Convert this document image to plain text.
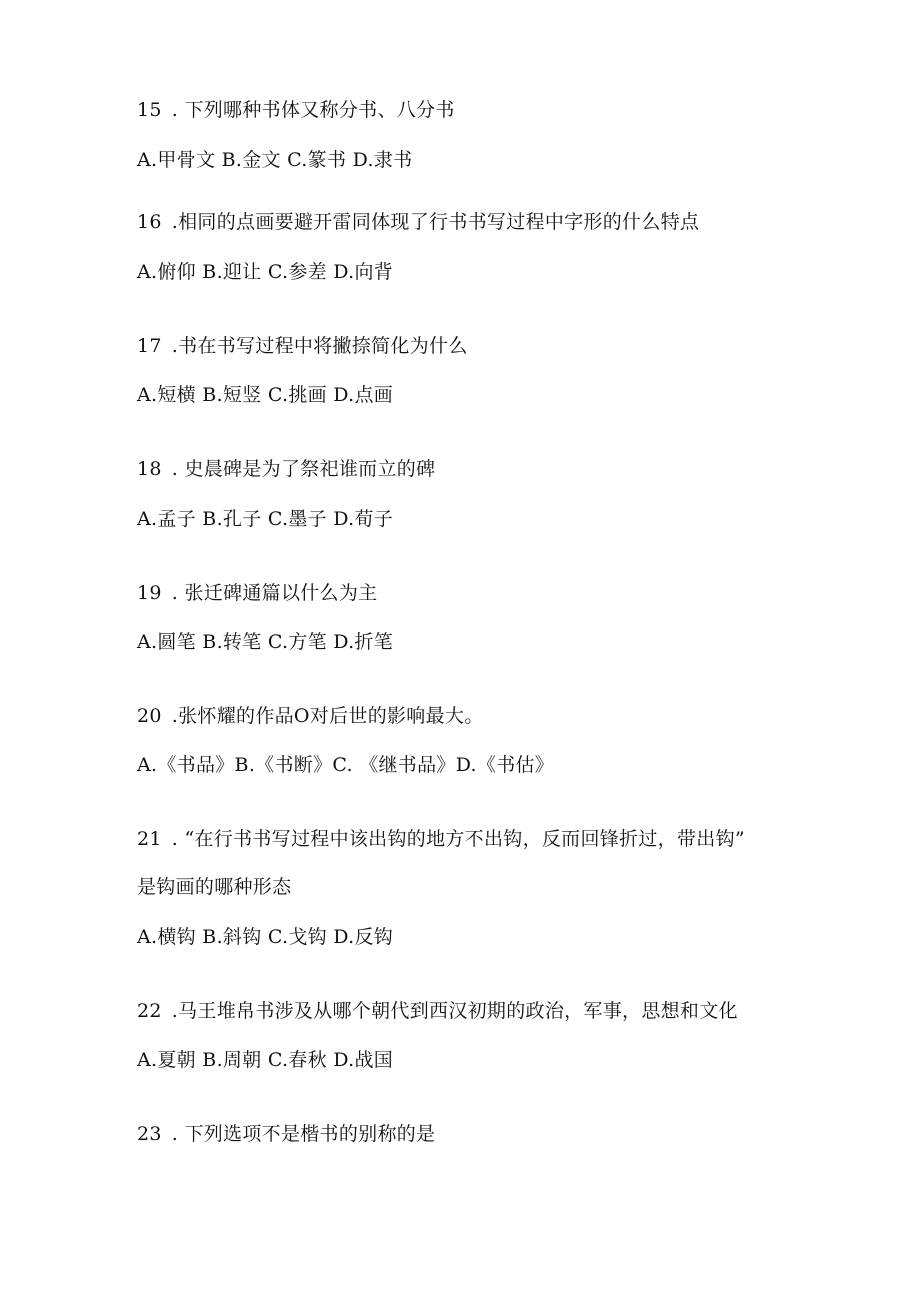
15 . 下列哪种书体又称分书、八分书
A.甲骨文 B.金文 C.篆书 D.隶书
16 .相同的点画要避开雷同体现了行书书写过程中字形的什么特点
A.俯仰 B.迎让 C.参差 D.向背
17 .书在书写过程中将撇捺简化为什么
A.短横 B.短竖 C.挑画 D.点画
18 . 史晨碑是为了祭祀谁而立的碑
A.孟子 B.孔子 C.墨子 D.荀子
19 . 张迁碑通篇以什么为主
A.圆笔 B.转笔 C.方笔 D.折笔
20 .张怀耀的作品O对后世的影响最大。
A.《书品》B.《书断》C. 《继书品》D.《书估》
21 . “在行书书写过程中该出钩的地方不出钩，反而回锋折过，带出钩”
是钩画的哪种形态
A.横钩 B.斜钩 C.戈钩 D.反钩
22 .马王堆帛书涉及从哪个朝代到西汉初期的政治，军事，思想和文化
A.夏朝 B.周朝 C.春秋 D.战国
23 . 下列选项不是楷书的别称的是
